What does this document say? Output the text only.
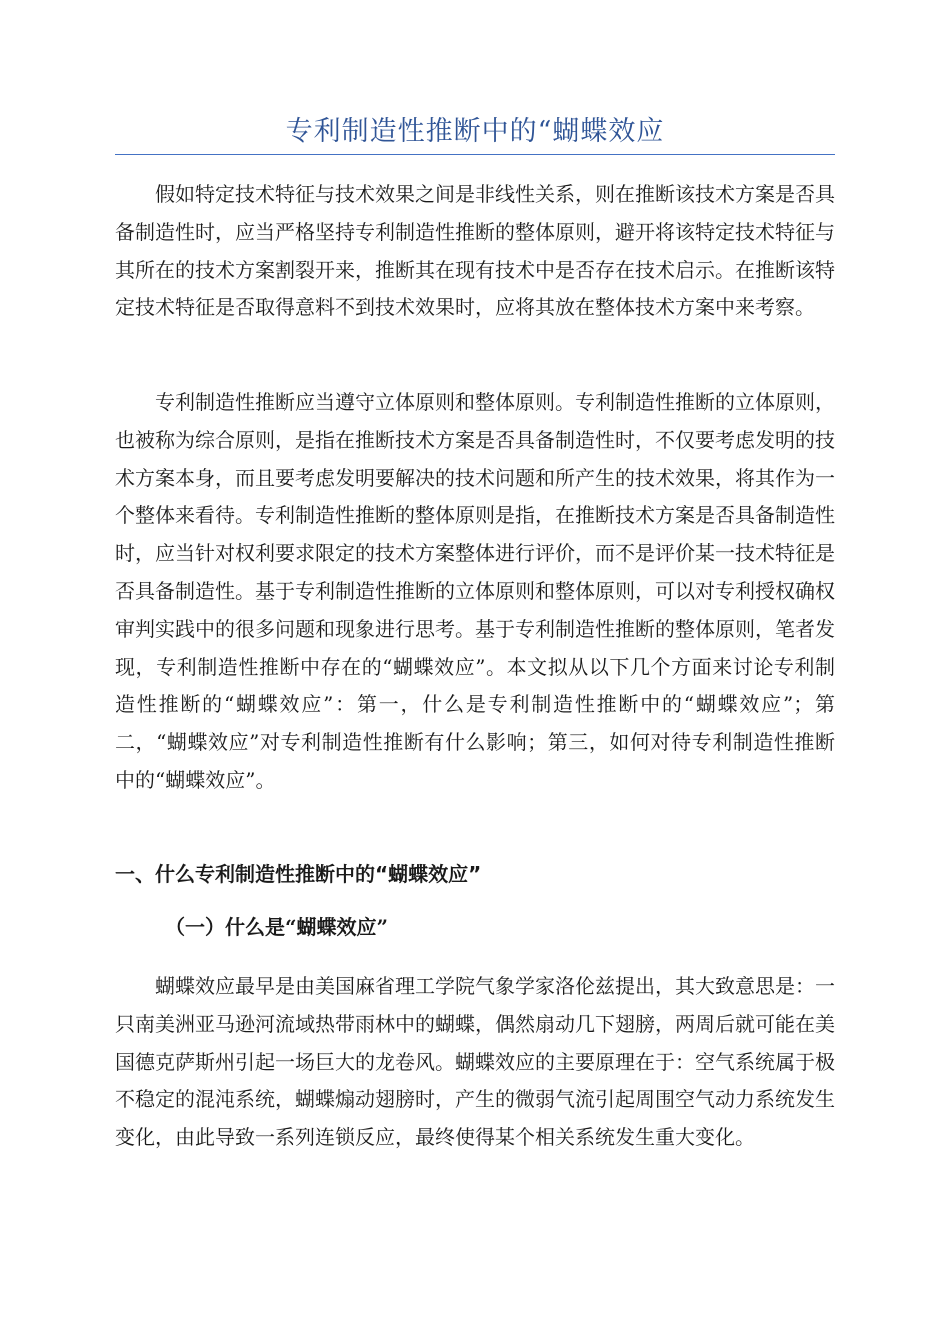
专利制造性推断中的“蝴蝶效应

假如特定技术特征与技术效果之间是非线性关系，则在推断该技术方案是否具备制造性时，应当严格坚持专利制造性推断的整体原则，避开将该特定技术特征与其所在的技术方案割裂开来，推断其在现有技术中是否存在技术启示。在推断该特定技术特征是否取得意料不到技术效果时，应将其放在整体技术方案中来考察。

专利制造性推断应当遵守立体原则和整体原则。专利制造性推断的立体原则，也被称为综合原则，是指在推断技术方案是否具备制造性时，不仅要考虑发明的技术方案本身，而且要考虑发明要解决的技术问题和所产生的技术效果，将其作为一个整体来看待。专利制造性推断的整体原则是指，在推断技术方案是否具备制造性时，应当针对权利要求限定的技术方案整体进行评价，而不是评价某一技术特征是否具备制造性。基于专利制造性推断的立体原则和整体原则，可以对专利授权确权审判实践中的很多问题和现象进行思考。基于专利制造性推断的整体原则，笔者发现，专利制造性推断中存在的“蝴蝶效应”。本文拟从以下几个方面来讨论专利制造性推断的“蝴蝶效应”：第一，什么是专利制造性推断中的“蝴蝶效应”；第二，“蝴蝶效应”对专利制造性推断有什么影响；第三，如何对待专利制造性推断中的“蝴蝶效应”。

一、什么专利制造性推断中的“蝴蝶效应”
（一）什么是“蝴蝶效应”

蝴蝶效应最早是由美国麻省理工学院气象学家洛伦兹提出，其大致意思是：一只南美洲亚马逊河流域热带雨林中的蝴蝶，偶然扇动几下翅膀，两周后就可能在美国德克萨斯州引起一场巨大的龙卷风。蝴蝶效应的主要原理在于：空气系统属于极不稳定的混沌系统，蝴蝶煽动翅膀时，产生的微弱气流引起周围空气动力系统发生变化，由此导致一系列连锁反应，最终使得某个相关系统发生重大变化。
